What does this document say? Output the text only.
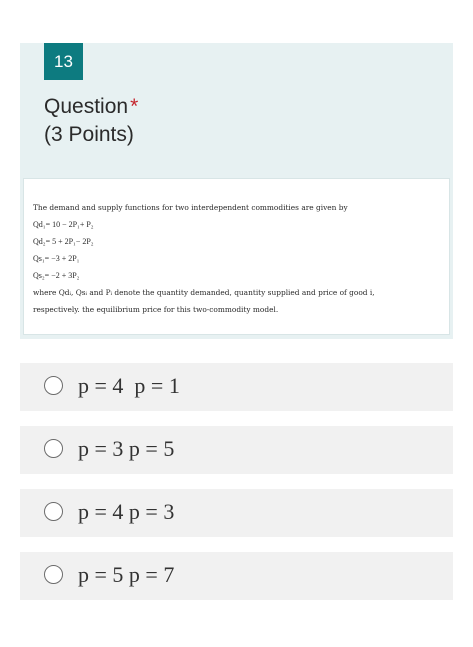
13
Question*
(3 Points)
The demand and supply functions for two interdependent commodities are given by
Qd₁= 10 − 2P₁+ P₂
Qd₂= 5 + 2P₁− 2P₂
Qs₁= −3 + 2P₁
Qs₂= −2 + 3P₂
where Qdᵢ, Qsᵢ and Pᵢ denote the quantity demanded, quantity supplied and price of good i,
respectively. the equilibrium price for this two-commodity model.
p = 4  p = 1
p = 3 p = 5
p = 4 p = 3
p = 5 p = 7
